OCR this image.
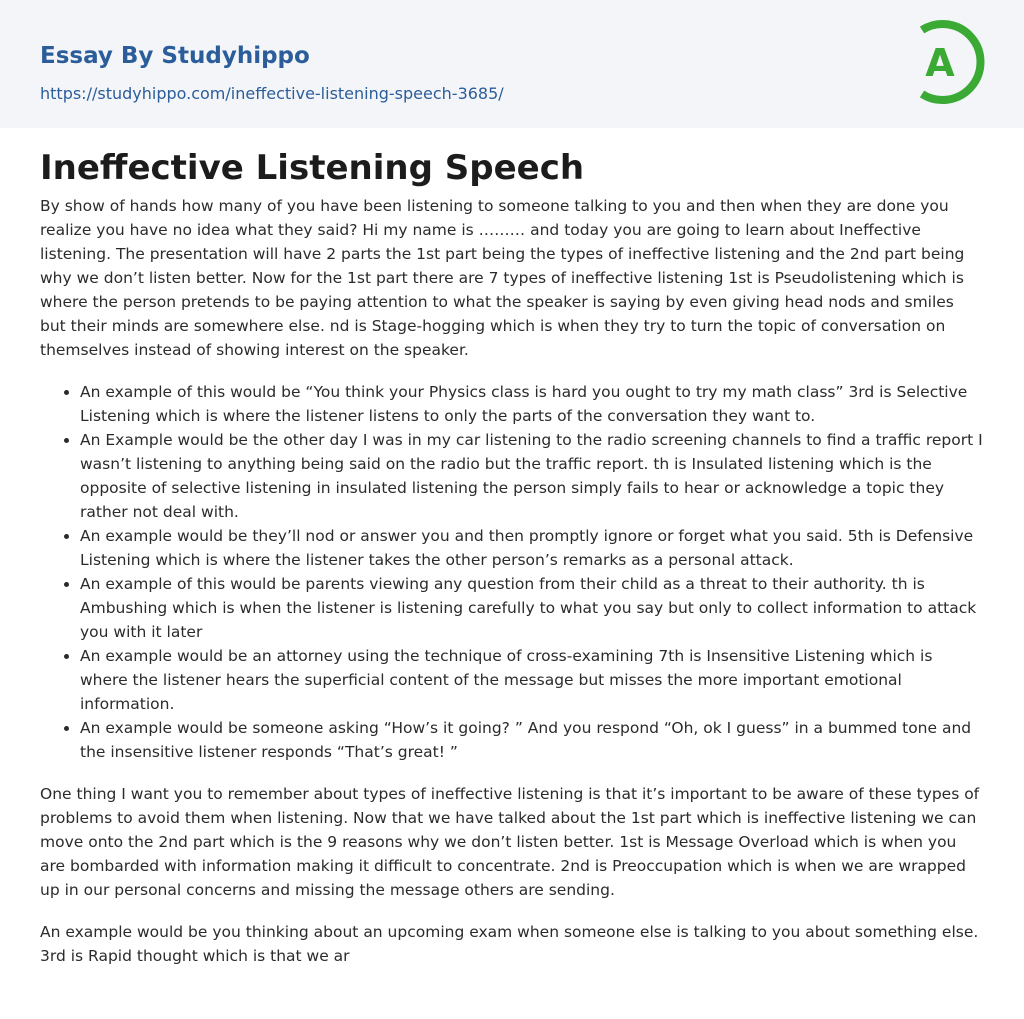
Essay By Studyhippo
https://studyhippo.com/ineffective-listening-speech-3685/
A
Ineffective Listening Speech

By show of hands how many of you have been listening to someone talking to you and then when they are done you realize you have no idea what they said? Hi my name is ……… and today you are going to learn about Ineffective listening. The presentation will have 2 parts the 1st part being the types of ineffective listening and the 2nd part being why we don’t listen better. Now for the 1st part there are 7 types of ineffective listening 1st is Pseudolistening which is where the person pretends to be paying attention to what the speaker is saying by even giving head nods and smiles but their minds are somewhere else. nd is Stage-hogging which is when they try to turn the topic of conversation on themselves instead of showing interest on the speaker.

• An example of this would be “You think your Physics class is hard you ought to try my math class” 3rd is Selective Listening which is where the listener listens to only the parts of the conversation they want to.
• An Example would be the other day I was in my car listening to the radio screening channels to find a traffic report I wasn’t listening to anything being said on the radio but the traffic report. th is Insulated listening which is the opposite of selective listening in insulated listening the person simply fails to hear or acknowledge a topic they rather not deal with.
• An example would be they’ll nod or answer you and then promptly ignore or forget what you said. 5th is Defensive Listening which is where the listener takes the other person’s remarks as a personal attack.
• An example of this would be parents viewing any question from their child as a threat to their authority. th is Ambushing which is when the listener is listening carefully to what you say but only to collect information to attack you with it later
• An example would be an attorney using the technique of cross-examining 7th is Insensitive Listening which is where the listener hears the superficial content of the message but misses the more important emotional information.
• An example would be someone asking “How’s it going? ” And you respond “Oh, ok I guess” in a bummed tone and the insensitive listener responds “That’s great! ”

One thing I want you to remember about types of ineffective listening is that it’s important to be aware of these types of problems to avoid them when listening. Now that we have talked about the 1st part which is ineffective listening we can move onto the 2nd part which is the 9 reasons why we don’t listen better. 1st is Message Overload which is when you are bombarded with information making it difficult to concentrate. 2nd is Preoccupation which is when we are wrapped up in our personal concerns and missing the message others are sending.

An example would be you thinking about an upcoming exam when someone else is talking to you about something else. 3rd is Rapid thought which is that we ar
